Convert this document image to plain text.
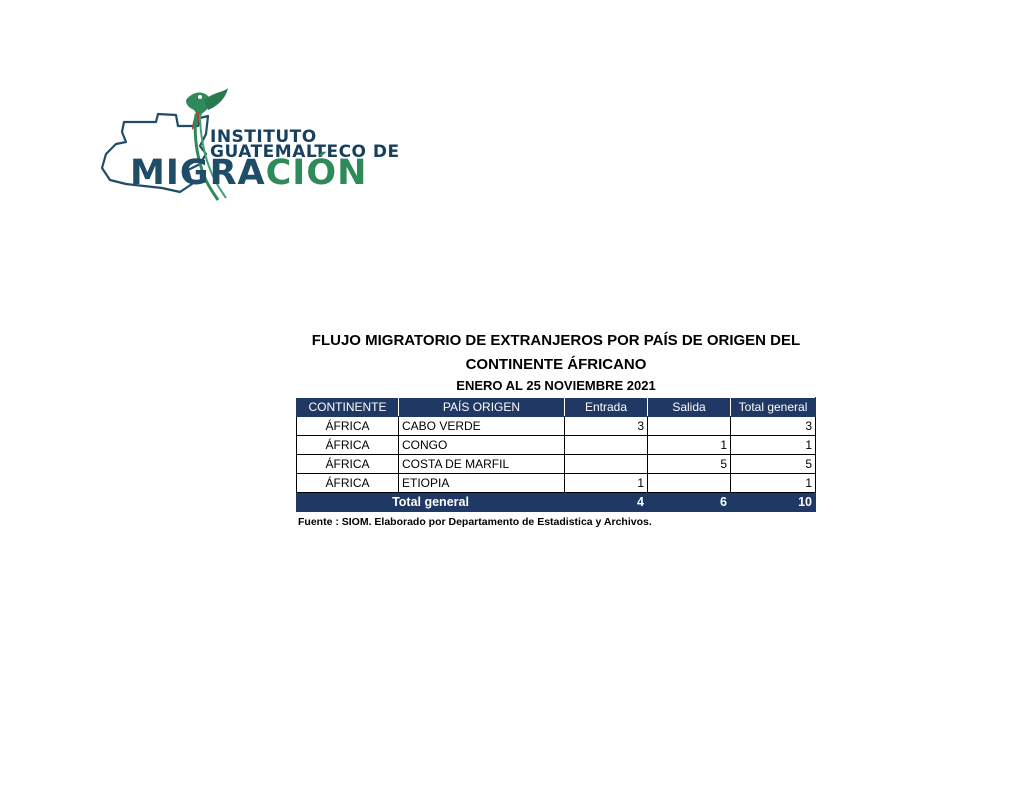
INSTITUTO
GUATEMALTECO DE
MIGRACIÓN
FLUJO MIGRATORIO DE EXTRANJEROS POR PAÍS DE ORIGEN DEL
CONTINENTE ÁFRICANO
ENERO AL 25 NOVIEMBRE 2021
CONTINENTE	PAÍS ORIGEN	Entrada	Salida	Total general
ÁFRICA	CABO VERDE	3		3
ÁFRICA	CONGO		1	1
ÁFRICA	COSTA DE MARFIL		5	5
ÁFRICA	ETIOPIA	1		1
Total general		4	6	10
Fuente : SIOM. Elaborado por Departamento de Estadistica y Archivos.
